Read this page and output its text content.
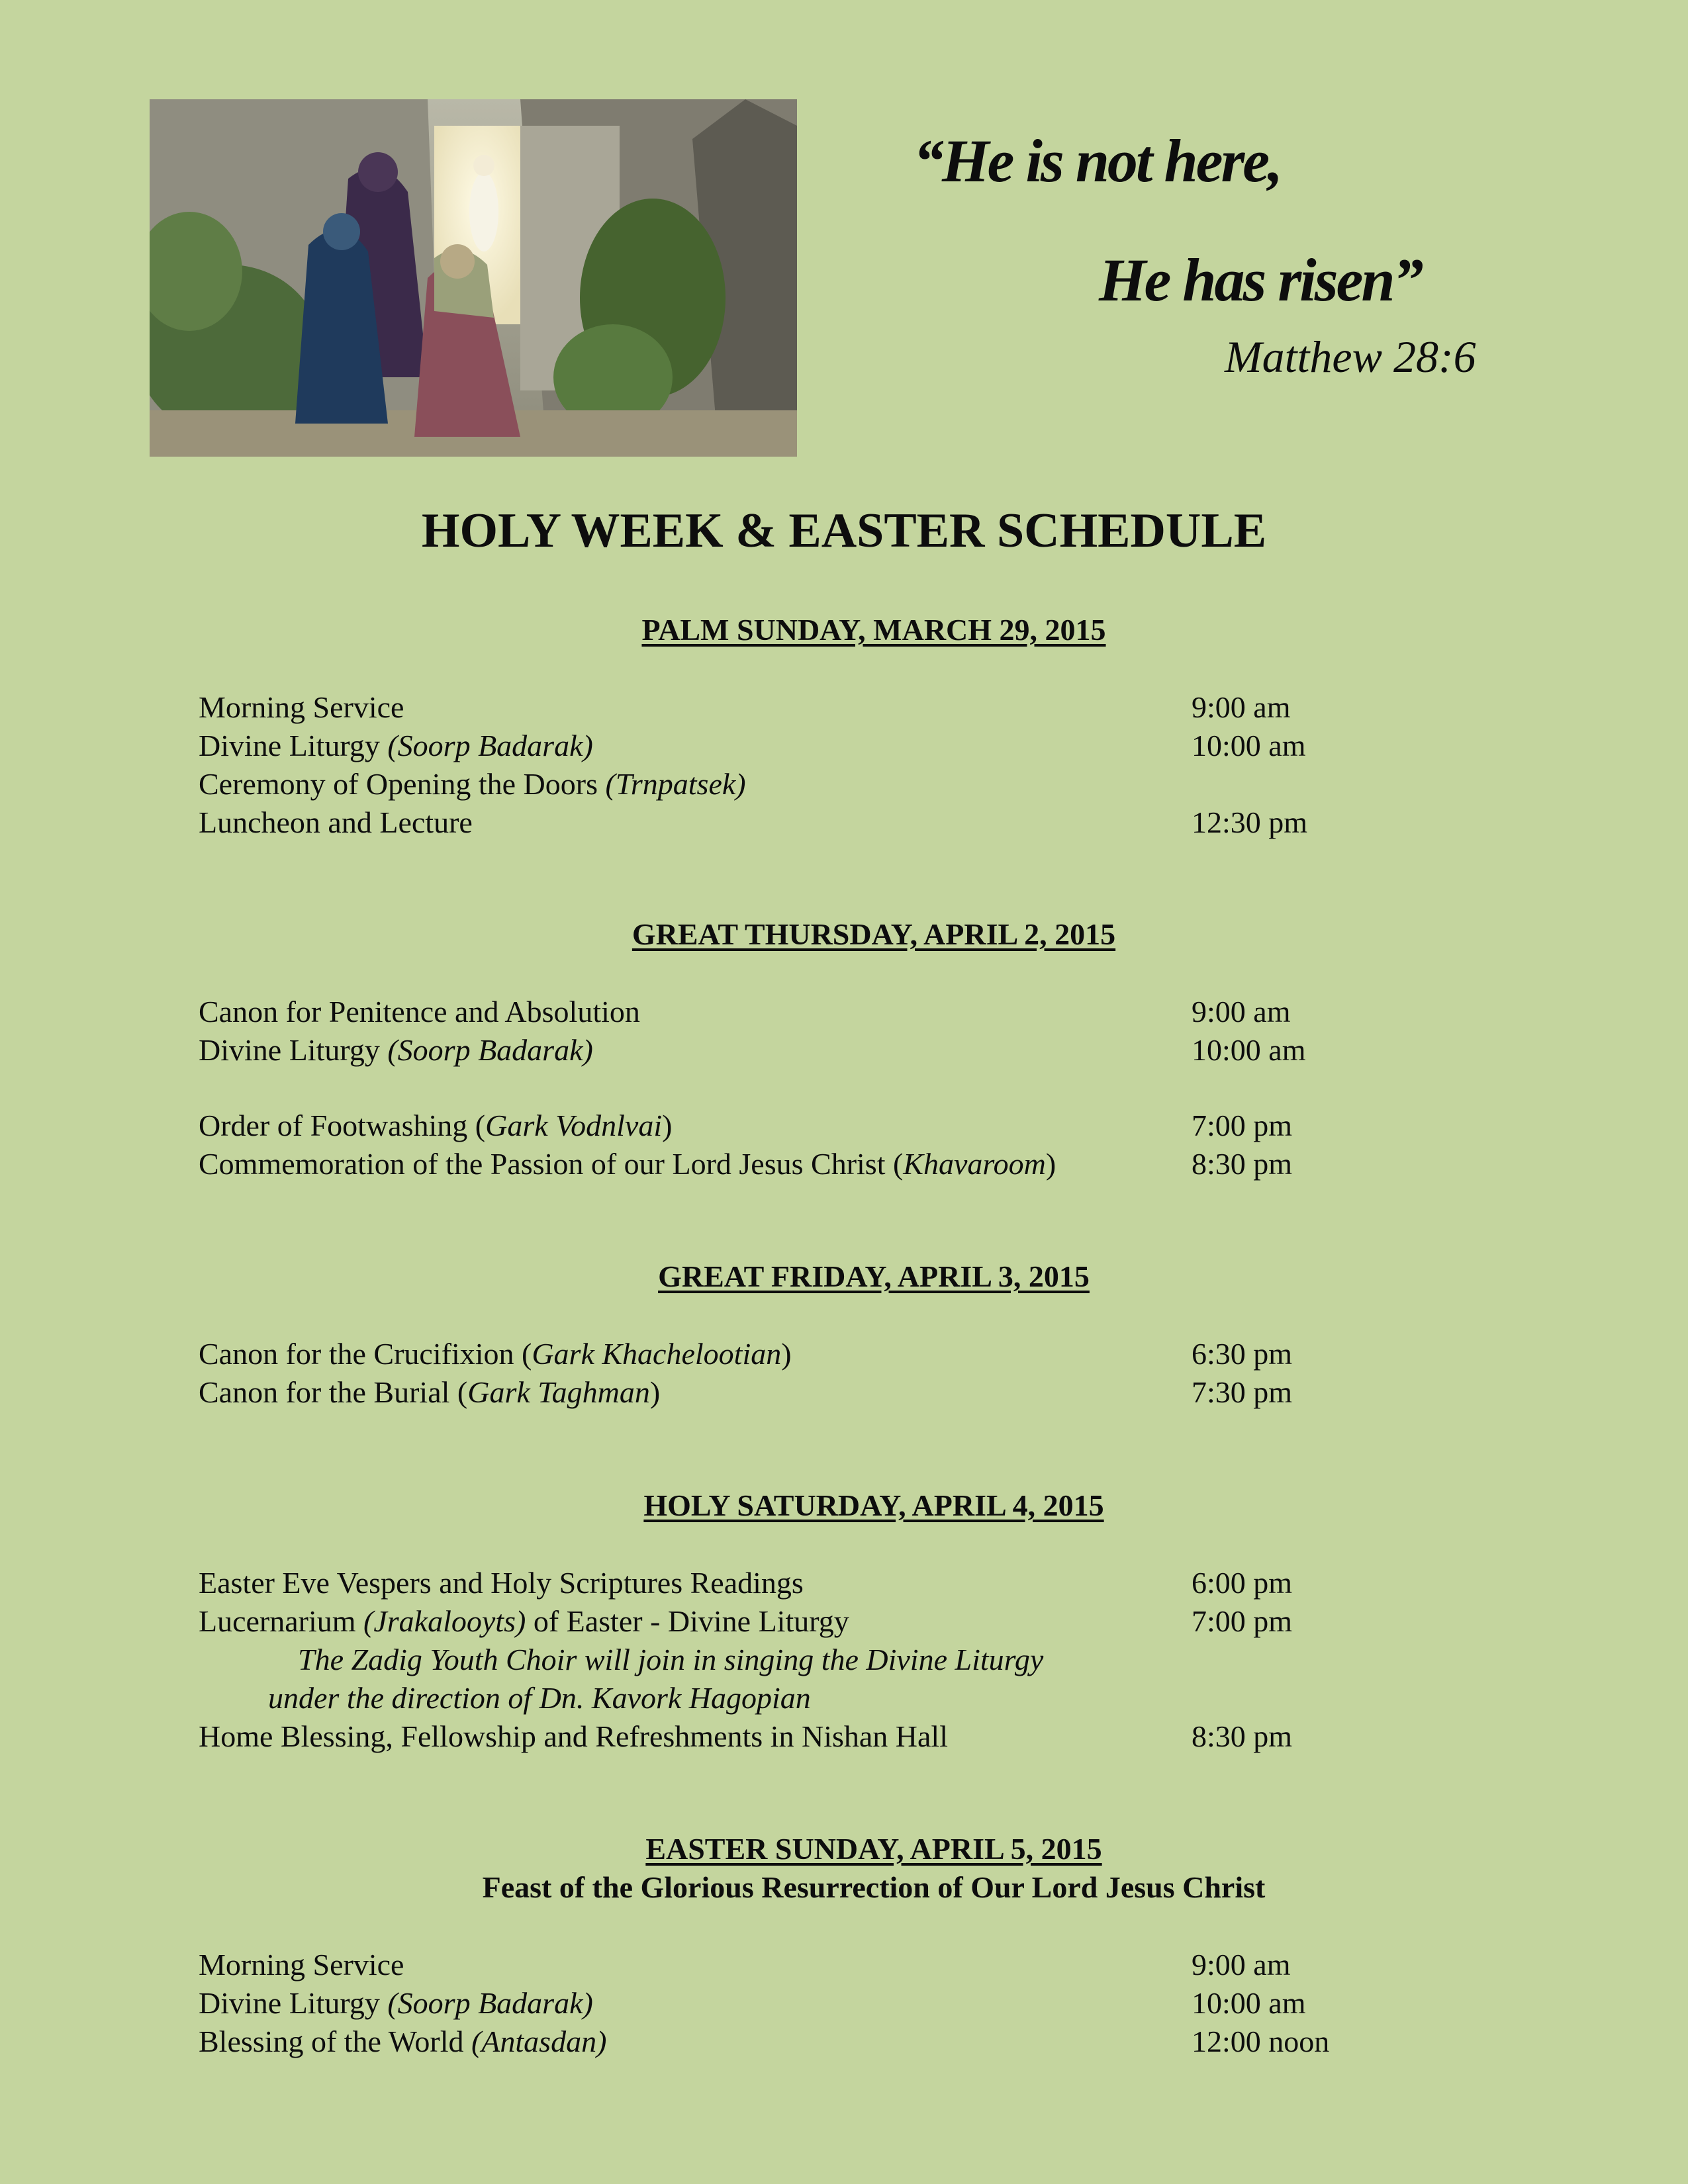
“He is not here,
He has risen”
Matthew 28:6
HOLY WEEK & EASTER SCHEDULE
PALM SUNDAY, MARCH 29, 2015
Morning Service	9:00 am
Divine Liturgy (Soorp Badarak)	10:00 am
Ceremony of Opening the Doors (Trnpatsek)
Luncheon and Lecture	12:30 pm
GREAT THURSDAY, APRIL 2, 2015
Canon for Penitence and Absolution	9:00 am
Divine Liturgy (Soorp Badarak)	10:00 am
Order of Footwashing (Gark Vodnlvai)	7:00 pm
Commemoration of the Passion of our Lord Jesus Christ (Khavaroom)	8:30 pm
GREAT FRIDAY, APRIL 3, 2015
Canon for the Crucifixion (Gark Khachelootian)	6:30 pm
Canon for the Burial (Gark Taghman)	7:30 pm
HOLY SATURDAY, APRIL 4, 2015
Easter Eve Vespers and Holy Scriptures Readings	6:00 pm
Lucernarium (Jrakalooyts) of Easter - Divine Liturgy	7:00 pm
The Zadig Youth Choir will join in singing the Divine Liturgy
under the direction of Dn. Kavork Hagopian
Home Blessing, Fellowship and Refreshments in Nishan Hall	8:30 pm
EASTER SUNDAY, APRIL 5, 2015
Feast of the Glorious Resurrection of Our Lord Jesus Christ
Morning Service	9:00 am
Divine Liturgy (Soorp Badarak)	10:00 am
Blessing of the World (Antasdan)	12:00 noon
